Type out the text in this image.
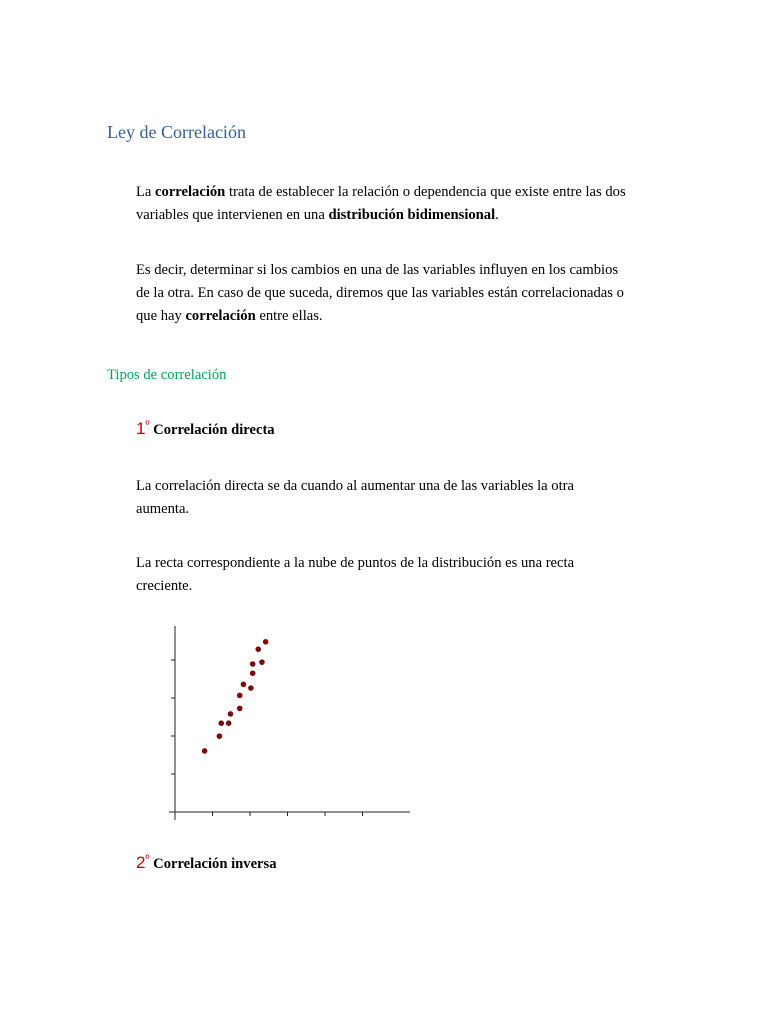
Ley de Correlación
La correlación trata de establecer la relación o dependencia que existe entre las dos
variables que intervienen en una distribución bidimensional.
Es decir, determinar si los cambios en una de las variables influyen en los cambios
de la otra. En caso de que suceda, diremos que las variables están correlacionadas o
que hay correlación entre ellas.
Tipos de correlación
$1^º$ Correlación directa
La correlación directa se da cuando al aumentar una de las variables la otra
aumenta.
La recta correspondiente a la nube de puntos de la distribución es una recta
creciente.
$2^º$ Correlación inversa
